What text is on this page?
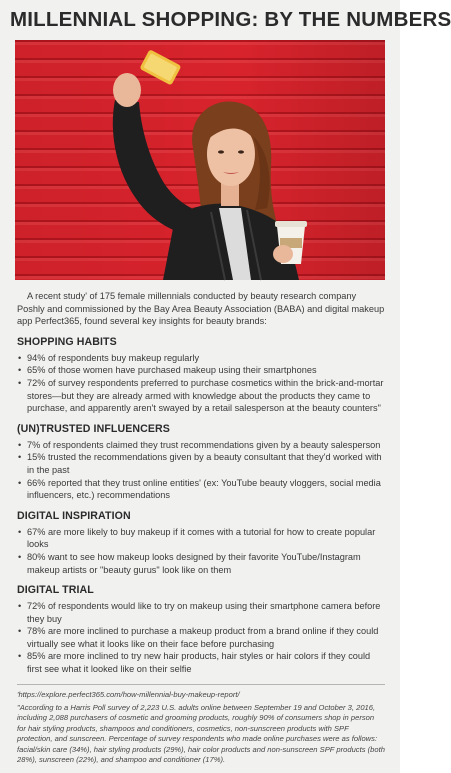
MILLENNIAL SHOPPING: BY THE NUMBERS

A recent study' of 175 female millennials conducted by beauty research company Poshly and commissioned by the Bay Area Beauty Association (BABA) and digital makeup app Perfect365, found several key insights for beauty brands:

SHOPPING HABITS
• 94% of respondents buy makeup regularly
• 65% of those women have purchased makeup using their smartphones
• 72% of survey respondents preferred to purchase cosmetics within the brick-and-mortar stores—but they are already armed with knowledge about the products they came to purchase, and apparently aren't swayed by a retail salesperson at the beauty counters"
(UN)TRUSTED INFLUENCERS
• 7% of respondents claimed they trust recommendations given by a beauty salesperson
• 15% trusted the recommendations given by a beauty consultant that they'd worked with in the past
• 66% reported that they trust online entities' (ex: YouTube beauty vloggers, social media influencers, etc.) recommendations
DIGITAL INSPIRATION
• 67% are more likely to buy makeup if it comes with a tutorial for how to create popular looks
• 80% want to see how makeup looks designed by their favorite YouTube/Instagram makeup artists or "beauty gurus" look like on them
DIGITAL TRIAL
• 72% of respondents would like to try on makeup using their smartphone camera before they buy
• 78% are more inclined to purchase a makeup product from a brand online if they could virtually see what it looks like on their face before purchasing
• 85% are more inclined to try new hair products, hair styles or hair colors if they could first see what it looked like on their selfie

'https://explore.perfect365.com/how-millennial-buy-makeup-report/

"According to a Harris Poll survey of 2,223 U.S. adults online between September 19 and October 3, 2016, including 2,088 purchasers of cosmetic and grooming products, roughly 90% of consumers shop in person for hair styling products, shampoos and conditioners, cosmetics, non-sunscreen products with SPF protection, and sunscreen. Percentage of survey respondents who made online purchases were as follows: facial/skin care (34%), hair styling products (29%), hair color products and non-sunscreen SPF products (both 28%), sunscreen (22%), and shampoo and conditioner (17%).
